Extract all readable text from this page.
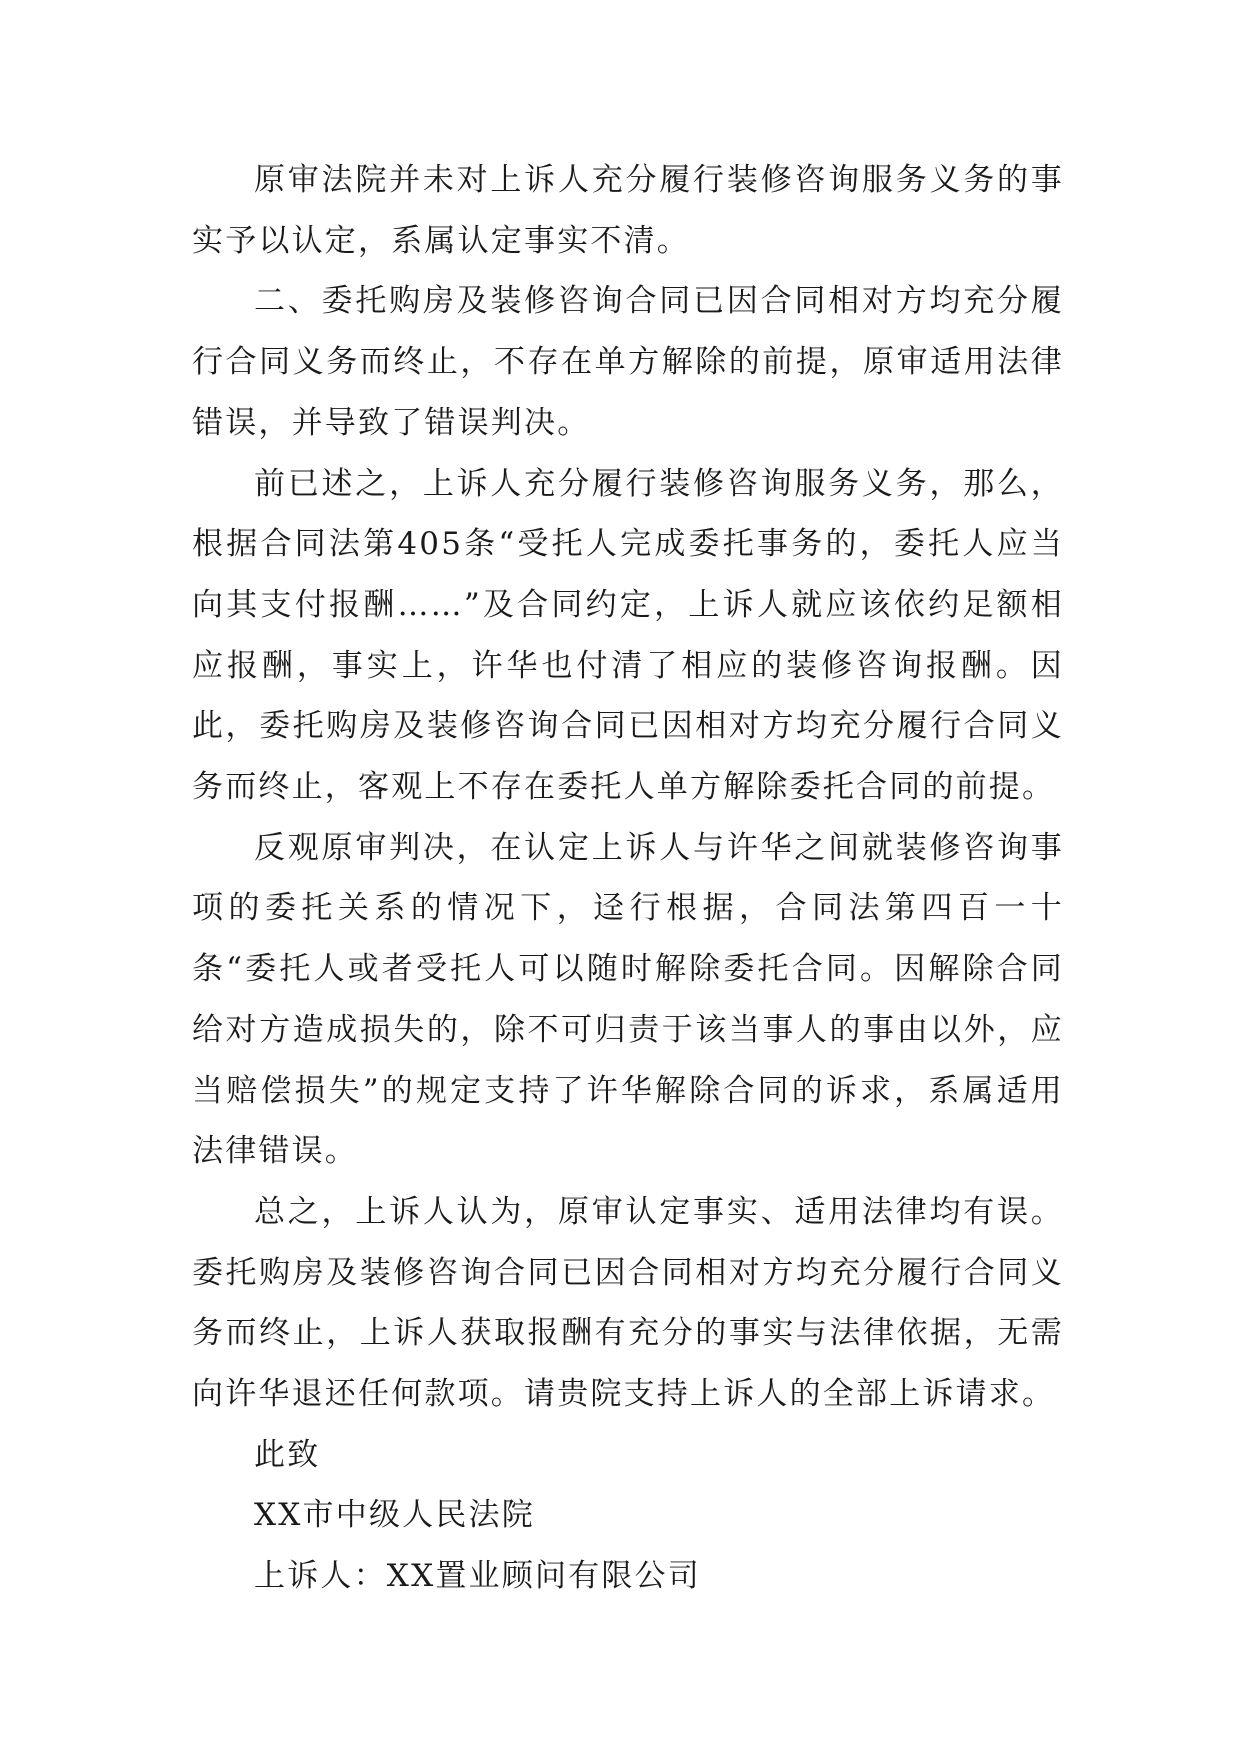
原审法院并未对上诉人充分履行装修咨询服务义务的事实予以认定，系属认定事实不清。

二、委托购房及装修咨询合同已因合同相对方均充分履行合同义务而终止，不存在单方解除的前提，原审适用法律错误，并导致了错误判决。

前已述之，上诉人充分履行装修咨询服务义务，那么，根据合同法第405条“受托人完成委托事务的，委托人应当向其支付报酬……”及合同约定，上诉人就应该依约足额相应报酬，事实上，许华也付清了相应的装修咨询报酬。因此，委托购房及装修咨询合同已因相对方均充分履行合同义务而终止，客观上不存在委托人单方解除委托合同的前提。

反观原审判决，在认定上诉人与许华之间就装修咨询事项的委托关系的情况下，迳行根据，合同法第四百一十条“委托人或者受托人可以随时解除委托合同。因解除合同给对方造成损失的，除不可归责于该当事人的事由以外，应当赔偿损失”的规定支持了许华解除合同的诉求，系属适用法律错误。

总之，上诉人认为，原审认定事实、适用法律均有误。委托购房及装修咨询合同已因合同相对方均充分履行合同义务而终止，上诉人获取报酬有充分的事实与法律依据，无需向许华退还任何款项。请贵院支持上诉人的全部上诉请求。

此致

XX市中级人民法院

上诉人：XX置业顾问有限公司
